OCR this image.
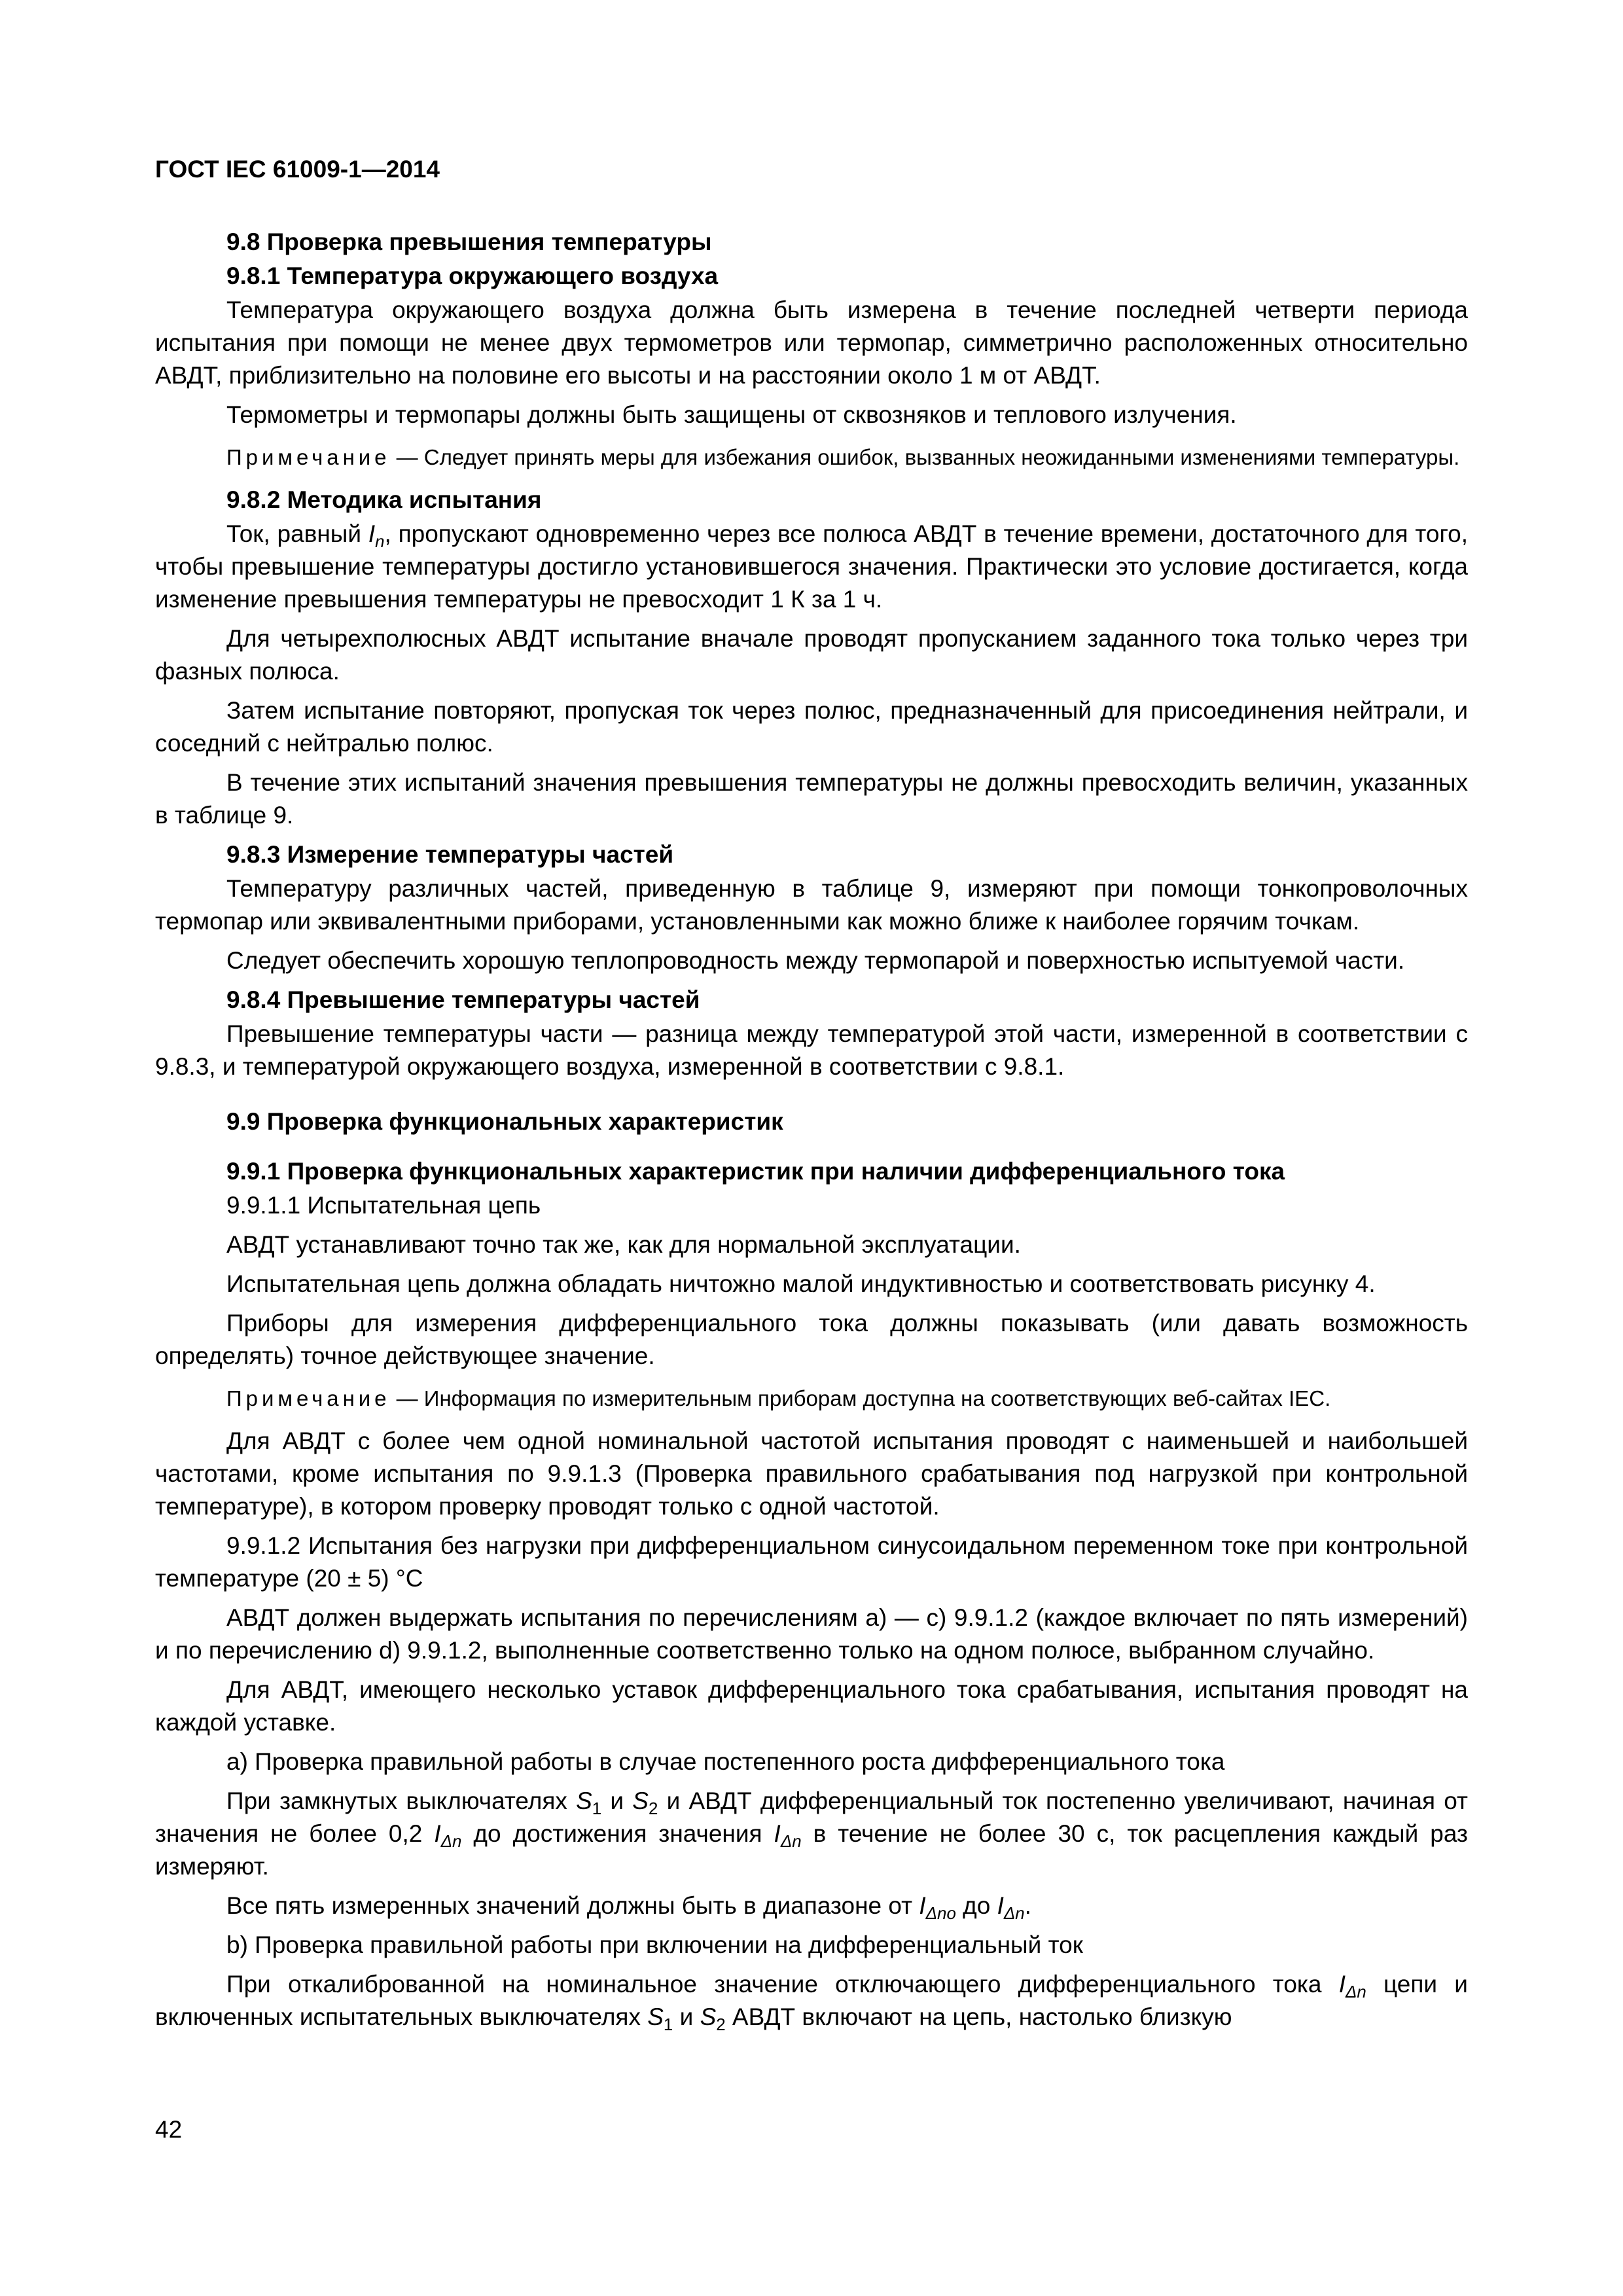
ГОСТ IEC 61009-1—2014
9.8 Проверка превышения температуры
9.8.1 Температура окружающего воздуха

Температура окружающего воздуха должна быть измерена в течение последней четверти периода испытания при помощи не менее двух термометров или термопар, симметрично расположенных относительно АВДТ, приблизительно на половине его высоты и на расстоянии около 1 м от АВДТ.

Термометры и термопары должны быть защищены от сквозняков и теплового излучения.

Примечание — Следует принять меры для избежания ошибок, вызванных неожиданными изменениями температуры.

9.8.2 Методика испытания

Ток, равный $I_n$, пропускают одновременно через все полюса АВДТ в течение времени, достаточного для того, чтобы превышение температуры достигло установившегося значения. Практически это условие достигается, когда изменение превышения температуры не превосходит 1 К за 1 ч.

Для четырехполюсных АВДТ испытание вначале проводят пропусканием заданного тока только через три фазных полюса.

Затем испытание повторяют, пропуская ток через полюс, предназначенный для присоединения нейтрали, и соседний с нейтралью полюс.

В течение этих испытаний значения превышения температуры не должны превосходить величин, указанных в таблице 9.

9.8.3 Измерение температуры частей

Температуру различных частей, приведенную в таблице 9, измеряют при помощи тонкопроволочных термопар или эквивалентными приборами, установленными как можно ближе к наиболее горячим точкам.

Следует обеспечить хорошую теплопроводность между термопарой и поверхностью испытуемой части.

9.8.4 Превышение температуры частей

Превышение температуры части — разница между температурой этой части, измеренной в соответствии с 9.8.3, и температурой окружающего воздуха, измеренной в соответствии с 9.8.1.

9.9 Проверка функциональных характеристик
9.9.1 Проверка функциональных характеристик при наличии дифференциального тока

9.9.1.1 Испытательная цепь

АВДТ устанавливают точно так же, как для нормальной эксплуатации.

Испытательная цепь должна обладать ничтожно малой индуктивностью и соответствовать рисунку 4.

Приборы для измерения дифференциального тока должны показывать (или давать возможность определять) точное действующее значение.

Примечание — Информация по измерительным приборам доступна на соответствующих веб-сайтах IEC.

Для АВДТ с более чем одной номинальной частотой испытания проводят с наименьшей и наибольшей частотами, кроме испытания по 9.9.1.3 (Проверка правильного срабатывания под нагрузкой при контрольной температуре), в котором проверку проводят только с одной частотой.

9.9.1.2 Испытания без нагрузки при дифференциальном синусоидальном переменном токе при контрольной температуре (20 ± 5) °С

АВДТ должен выдержать испытания по перечислениям а) — с) 9.9.1.2 (каждое включает по пять измерений) и по перечислению d) 9.9.1.2, выполненные соответственно только на одном полюсе, выбранном случайно.

Для АВДТ, имеющего несколько уставок дифференциального тока срабатывания, испытания проводят на каждой уставке.

a) Проверка правильной работы в случае постепенного роста дифференциального тока

При замкнутых выключателях $S_1$ и $S_2$ и АВДТ дифференциальный ток постепенно увеличивают, начиная от значения не более 0,2 $I_{\Delta n}$ до достижения значения $I_{\Delta n}$ в течение не более 30 с, ток расцепления каждый раз измеряют.

Все пять измеренных значений должны быть в диапазоне от $I_{\Delta no}$ до $I_{\Delta n}$.

b) Проверка правильной работы при включении на дифференциальный ток

При откалиброванной на номинальное значение отключающего дифференциального тока $I_{\Delta n}$ цепи и включенных испытательных выключателях $S_1$ и $S_2$ АВДТ включают на цепь, настолько близкую

42
